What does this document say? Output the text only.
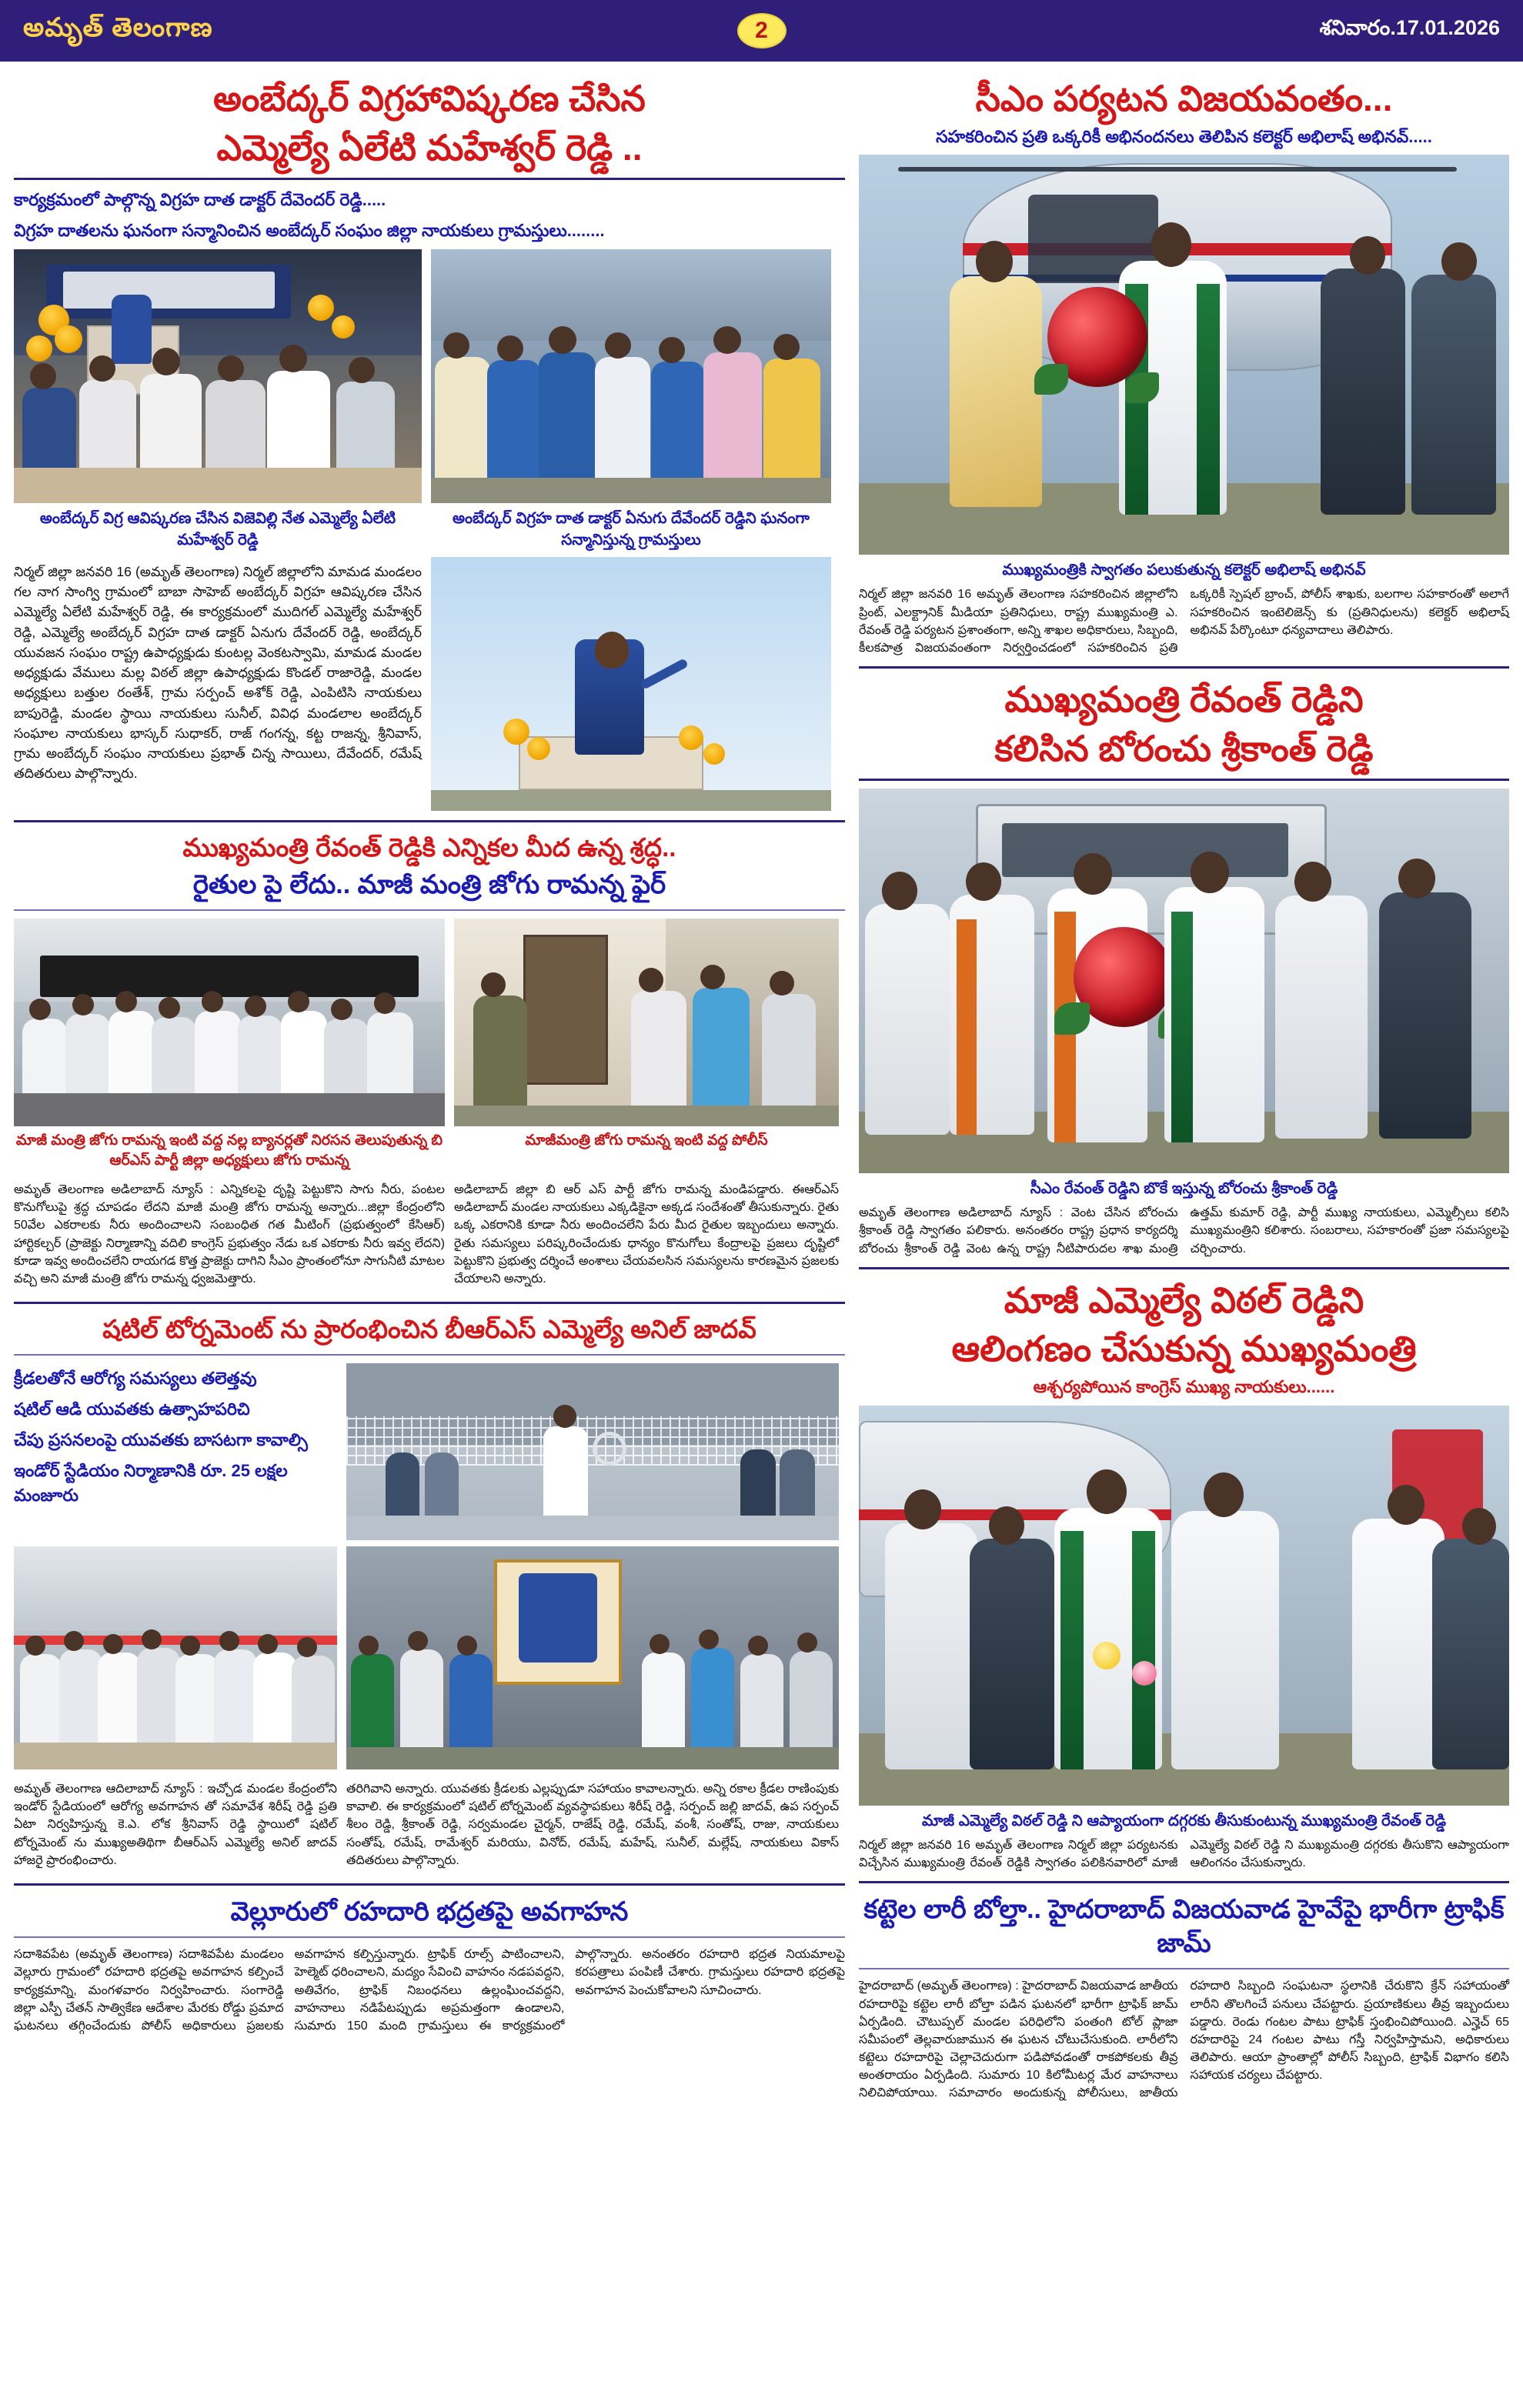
అమృత్ తెలంగాణ	2	శనివారం.17.01.2026
అంబేద్కర్ విగ్రహావిష్కరణ చేసిన
ఎమ్మెల్యే ఏలేటి మహేశ్వర్ రెడ్డి ..
కార్యక్రమంలో పాల్గొన్న విగ్రహ దాత డాక్టర్ దేవెందర్ రెడ్డి.....
విగ్రహ దాతలను ఘనంగా సన్మానించిన అంబేద్కర్ సంఘం జిల్లా నాయకులు గ్రామస్తులు........
అంబేద్కర్ విగ్ర ఆవిష్కరణ చేసిన విజెవిల్లి నేత ఎమ్మెల్యే ఏలేటి మహేశ్వర్ రెడ్డి
అంబేద్కర్ విగ్రహ దాత డాక్టర్ ఏనుగు దేవేందర్ రెడ్డిని ఘనంగా సన్మానిస్తున్న గ్రామస్తులు
నిర్మల్ జిల్లా జనవరి 16 (అమృత్ తెలంగాణ) నిర్మల్ జిల్లాలోని మామడ మండలం గల నాగ సాంగ్వి గ్రామంలో బాబా సాహెబ్ అంబేద్కర్ విగ్రహ ఆవిష్కరణ చేసిన ఎమ్మెల్యే ఏలేటి మహేశ్వర్ రెడ్డి, ఈ కార్యక్రమంలో ముదిగల్ ఎమ్మెల్యే మహేశ్వర్ రెడ్డి, ఎమ్మెల్యే అంబేద్కర్ విగ్రహ దాత డాక్టర్ ఏనుగు దేవేందర్ రెడ్డి, అంబేద్కర్ యువజన సంఘం రాష్ట్ర ఉపాధ్యక్షుడు కుంటల్ల వెంకటస్వామి, మామడ మండల అధ్యక్షుడు వేములు మల్ల విఠల్ జిల్లా ఉపాధ్యక్షుడు కొండల్ రాజారెడ్డి, మండల అధ్యక్షులు బత్తుల రంతేశ్, గ్రామ సర్పంచ్ అశోక్ రెడ్డి, ఎంపిటిసి నాయకులు బాపురెడ్డి, మండల స్థాయి నాయకులు సునీల్, వివిధ మండలాల అంబేద్కర్ సంఘాల నాయకులు భాస్కర్ సుధాకర్, రాజ్ గంగన్న, కట్ట రాజన్న, శ్రీనివాస్, గ్రామ అంబేద్కర్ సంఘం నాయకులు ప్రభాత్ చిన్న సాయిలు, దేవేందర్, రమేష్ తదితరులు పాల్గొన్నారు.
ముఖ్యమంత్రి రేవంత్ రెడ్డికి ఎన్నికల మీద ఉన్న శ్రద్ధ..
రైతుల పై లేదు.. మాజీ మంత్రి జోగు రామన్న ఫైర్
మాజీ మంత్రి జోగు రామన్న ఇంటి వద్ద నల్ల బ్యానర్లతో నిరసన తెలుపుతున్న బి ఆర్ఎస్ పార్టీ జిల్లా అధ్యక్షులు జోగు రామన్న
మాజీమంత్రి జోగు రామన్న ఇంటి వద్ద పోలీస్
అమృత్ తెలంగాణ అడిలాబాద్ న్యూస్ : ఎన్నికలపై దృష్టి పెట్టుకొని సాగు నీరు, పంటల కొనుగోలుపై శ్రద్ధ చూపడం లేదని మాజీ మంత్రి జోగు రామన్న అన్నారు...జిల్లా కేంద్రంలోని 50వేల ఎకరాలకు నీరు అందించాలని సంబంధిత గత మీటింగ్ (ప్రభుత్వంలో కేసిఆర్) హార్టికల్చర్ (ప్రాజెక్టు నిర్మాణాన్ని వదిలి కాంగ్రెస్ ప్రభుత్వం నేడు ఒక ఎకరాకు నీరు ఇవ్వ లేదని) కూడా ఇవ్వ అందించలేని రాయగడ కొత్త ప్రాజెక్టు దాగిని సీఎం ప్రాంతంలోనూ సాగునీటి మాటల వచ్చి అని మాజీ మంత్రి జోగు రామన్న ధ్వజమెత్తారు.
అడిలాబాద్ జిల్లా బి ఆర్ ఎస్ పార్టీ జోగు రామన్న మండిపడ్డారు. ఈఆర్ఎస్ అడిలాబాద్ మండల నాయకులు ఎక్కడికైనా అక్కడ సందేశంతో తీసుకున్నారు. రైతు ఒక్క ఎకరానికి కూడా నీరు అందించలేని పేరు మీద రైతుల ఇబ్బందులు అన్నారు. రైతు సమస్యలు పరిష్కరించేందుకు ధాన్యం కొనుగోలు కేంద్రాలపై ప్రజలు దృష్టిలో పెట్టుకొని ప్రభుత్వ దర్శించే అంశాలు చేయవలసిన సమస్యలను కారణమైన ప్రజలకు చేయాలని అన్నారు.
షటిల్ టోర్నమెంట్ ను ప్రారంభించిన బీఆర్ఎస్ ఎమ్మెల్యే అనిల్ జాదవ్
క్రీడలతోనే ఆరోగ్య సమస్యలు తలెత్తవు
షటిల్ ఆడి యువతకు ఉత్సాహపరిచి
చేపు ప్రసనలంపై యువతకు బాసటగా కావాల్సి
ఇండోర్ స్టేడియం నిర్మాణానికి రూ. 25 లక్షల మంజూరు
అమృత్ తెలంగాణ ఆదిలాబాద్ న్యూస్ : ఇచ్చోడ మండల కేంద్రంలోని ఇండోర్ స్టేడియంలో ఆరోగ్య అవగాహన తో సమావేశ శిరీష్ రెడ్డి ప్రతి ఏటా నిర్వహిస్తున్న కె.ఎ. లోక శ్రీనివాస్ రెడ్డి స్థాయిలో షటిల్ టోర్నమెంట్ ను ముఖ్యఅతిథిగా బీఆర్ఎస్ ఎమ్మెల్యే అనిల్ జాదవ్ హాజరై ప్రారంభించారు.
తరిగివాని అన్నారు. యువతకు క్రీడలకు ఎల్లప్పుడూ సహాయం కావాలన్నారు. అన్ని రకాల క్రీడల రాణింపుకు కావాలి. ఈ కార్యక్రమంలో షటిల్ టోర్నమెంట్ వ్యవస్థాపకులు శిరీష్ రెడ్డి, సర్పంచ్ జల్లి జాదవ్, ఉప సర్పంచ్ శీలం రెడ్డి, శ్రీకాంత్ రెడ్డి, సర్వమండల చైర్మన్, రాజేష్ రెడ్డి, రమేష్, వంశీ, సంతోష్, రాజు, నాయకులు సంతోష్, రమేష్, రామేశ్వర్ మరియు, వినోద్, రమేష్, మహేష్, సునీల్, మల్లేష్, నాయకులు వికాస్ తదితరులు పాల్గొన్నారు.
వెల్లూరులో రహదారి భద్రతపై అవగాహన
సదాశివపేట (అమృత్ తెలంగాణ) సదాశివపేట మండలం వెల్లూరు గ్రామంలో రహదారి భద్రతపై అవగాహన కల్పించే కార్యక్రమాన్ని, మంగళవారం నిర్వహించారు. సంగారెడ్డి జిల్లా ఎస్పీ చేతన్ సాత్వికేణ ఆదేశాల మేరకు రోడ్డు ప్రమాద ఘటనలు తగ్గించేందుకు పోలీస్ అధికారులు ప్రజలకు అవగాహన కల్పిస్తున్నారు. ట్రాఫిక్ రూల్స్ పాటించాలని, హెల్మెట్ ధరించాలని, మద్యం సేవించి వాహనం నడపవద్దని, అతివేగం, ట్రాఫిక్ నిబంధనలు ఉల్లంఘించవద్దని, వాహనాలు నడిపేటప్పుడు అప్రమత్తంగా ఉండాలని, సుమారు 150 మంది గ్రామస్తులు ఈ కార్యక్రమంలో పాల్గొన్నారు. అనంతరం రహదారి భద్రత నియమాలపై కరపత్రాలు పంపిణీ చేశారు. గ్రామస్తులు రహదారి భద్రతపై అవగాహన పెంచుకోవాలని సూచించారు.
సీఎం పర్యటన విజయవంతం...
సహకరించిన ప్రతి ఒక్కరికీ అభినందనలు తెలిపిన కలెక్టర్ అభిలాష్ అభినవ్.....
ముఖ్యమంత్రికి స్వాగతం పలుకుతున్న కలెక్టర్ అభిలాష్ అభినవ్
నిర్మల్ జిల్లా జనవరి 16 అమృత్ తెలంగాణ సహకరించిన జిల్లాలోని ప్రింట్, ఎలక్ట్రానిక్ మీడియా ప్రతినిధులు, రాష్ట్ర ముఖ్యమంత్రి ఎ. రేవంత్ రెడ్డి పర్యటన ప్రశాంతంగా, అన్ని శాఖల అధికారులు, సిబ్బంది, కీలకపాత్ర విజయవంతంగా నిర్వర్తించడంలో సహకరించిన ప్రతి ఒక్కరికీ స్పెషల్ బ్రాంచ్, పోలీస్ శాఖకు, బలగాల సహకారంతో అలాగే సహకరించిన ఇంటెలిజెన్స్ కు (ప్రతినిధులను) కలెక్టర్ అభిలాష్ అభినవ్ పేర్కొంటూ ధన్యవాదాలు తెలిపారు.
ముఖ్యమంత్రి రేవంత్ రెడ్డిని
కలిసిన బోరంచు శ్రీకాంత్ రెడ్డి
సీఎం రేవంత్ రెడ్డిని బొకే ఇస్తున్న బోరంచు శ్రీకాంత్ రెడ్డి
అమృత్ తెలంగాణ అడిలాబాద్ న్యూస్ : వెంట చేసిన బోరంచు శ్రీకాంత్ రెడ్డి స్వాగతం పలికారు. అనంతరం రాష్ట్ర ప్రధాన కార్యదర్శి బోరంచు శ్రీకాంత్ రెడ్డి వెంట ఉన్న రాష్ట్ర నీటిపారుదల శాఖ మంత్రి ఉత్తమ్ కుమార్ రెడ్డి, పార్టీ ముఖ్య నాయకులు, ఎమ్మెల్సీలు కలిసి ముఖ్యమంత్రిని కలిశారు. సంబరాలు, సహకారంతో ప్రజా సమస్యలపై చర్చించారు.
మాజీ ఎమ్మెల్యే విఠల్ రెడ్డిని
ఆలింగణం చేసుకున్న ముఖ్యమంత్రి
ఆశ్చర్యపోయిన కాంగ్రెస్ ముఖ్య నాయకులు......
మాజీ ఎమ్మెల్యే విఠల్ రెడ్డి ని ఆప్యాయంగా దగ్గరకు తీసుకుంటున్న ముఖ్యమంత్రి రేవంత్ రెడ్డి
నిర్మల్ జిల్లా జనవరి 16 అమృత్ తెలంగాణ నిర్మల్ జిల్లా పర్యటనకు విచ్చేసిన ముఖ్యమంత్రి రేవంత్ రెడ్డికి స్వాగతం పలికినవారిలో మాజీ ఎమ్మెల్యే విఠల్ రెడ్డి ని ముఖ్యమంత్రి దగ్గరకు తీసుకొని ఆప్యాయంగా ఆలింగనం చేసుకున్నారు.
కట్టెల లారీ బోల్తా.. హైదరాబాద్ విజయవాడ హైవేపై భారీగా ట్రాఫిక్ జామ్
హైదరాబాద్ (అమృత్ తెలంగాణ) : హైదరాబాద్ విజయవాడ జాతీయ రహదారిపై కట్టెల లారీ బోల్తా పడిన ఘటనలో భారీగా ట్రాఫిక్ జామ్ ఏర్పడింది. చౌటుప్పల్ మండల పరిధిలోని పంతంగి టోల్ ప్లాజా సమీపంలో తెల్లవారుజామున ఈ ఘటన చోటుచేసుకుంది. లారీలోని కట్టెలు రహదారిపై చెల్లాచెదురుగా పడిపోవడంతో రాకపోకలకు తీవ్ర అంతరాయం ఏర్పడింది. సుమారు 10 కిలోమీటర్ల మేర వాహనాలు నిలిచిపోయాయి. సమాచారం అందుకున్న పోలీసులు, జాతీయ రహదారి సిబ్బంది సంఘటనా స్థలానికి చేరుకొని క్రేన్ సహాయంతో లారీని తొలగించే పనులు చేపట్టారు. ప్రయాణికులు తీవ్ర ఇబ్బందులు పడ్డారు. రెండు గంటల పాటు ట్రాఫిక్ స్తంభించిపోయింది. ఎన్హెచ్ 65 రహదారిపై 24 గంటల పాటు గస్తీ నిర్వహిస్తామని, అధికారులు తెలిపారు. ఆయా ప్రాంతాల్లో పోలీస్ సిబ్బంది, ట్రాఫిక్ విభాగం కలిసి సహాయక చర్యలు చేపట్టారు.
